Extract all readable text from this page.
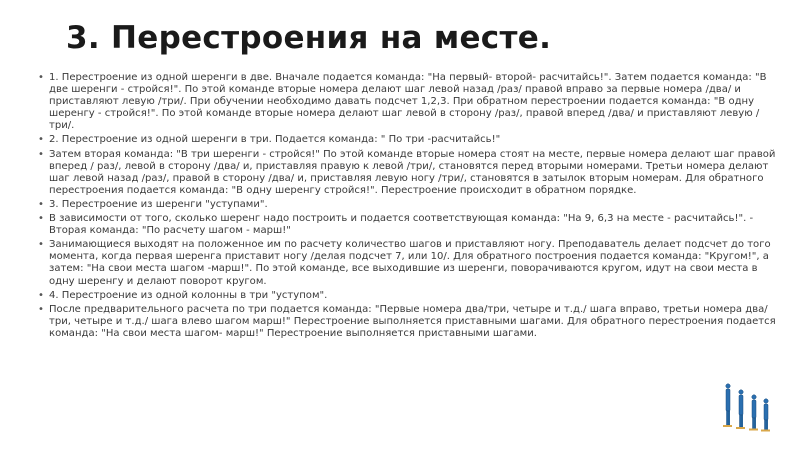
3. Перестроения на месте.
• 1. Перестроение из одной шеренги в две. Вначале подается команда: "На первый- второй- расчитайсь!". Затем подается команда: "В две шеренги - стройся!". По этой команде вторые номера делают шаг левой назад /раз/ правой вправо за первые номера /два/ и приставляют левую /три/. При обучении необходимо давать подсчет 1,2,3. При обратном перестроении подается команда: "В одну шеренгу - стройся!". По этой команде вторые номера делают шаг левой в сторону /раз/, правой вперед /два/ и приставляют левую /три/.
• 2. Перестроение из одной шеренги в три. Подается команда: " По три -расчитайсь!"
• Затем вторая команда: "В три шеренги - стройся!" По этой команде вторые номера стоят на месте, первые номера делают шаг правой вперед / раз/, левой в сторону /два/ и, приставляя правую к левой /три/, становятся перед вторыми номерами. Третьи номера делают шаг левой назад /раз/, правой в сторону /два/ и, приставляя левую ногу /три/, становятся в затылок вторым номерам. Для обратного перестроения подается команда: "В одну шеренгу стройся!". Перестроение происходит в обратном порядке.
• 3. Перестроение из шеренги "уступами".
• В зависимости от того, сколько шеренг надо построить и подается соответствующая команда: "На 9, 6,3 на месте - расчитайсь!". - Вторая команда: "По расчету шагом - марш!"
• Занимающиеся выходят на положенное им по расчету количество шагов и приставляют ногу. Преподаватель делает подсчет до того момента, когда первая шеренга приставит ногу /делая подсчет 7, или 10/. Для обратного построения подается команда: "Кругом!", а затем: "На свои места шагом -марш!". По этой команде, все выходившие из шеренги, поворачиваются кругом, идут на свои места в одну шеренгу и делают поворот кругом.
• 4. Перестроение из одной колонны в три "уступом".
• После предварительного расчета по три подается команда: "Первые номера два/три, четыре и т.д./ шага вправо, третьи номера два/три, четыре и т.д./ шага влево шагом марш!" Перестроение выполняется приставными шагами. Для обратного перестроения подается команда: "На свои места шагом- марш!" Перестроение выполняется приставными шагами.
